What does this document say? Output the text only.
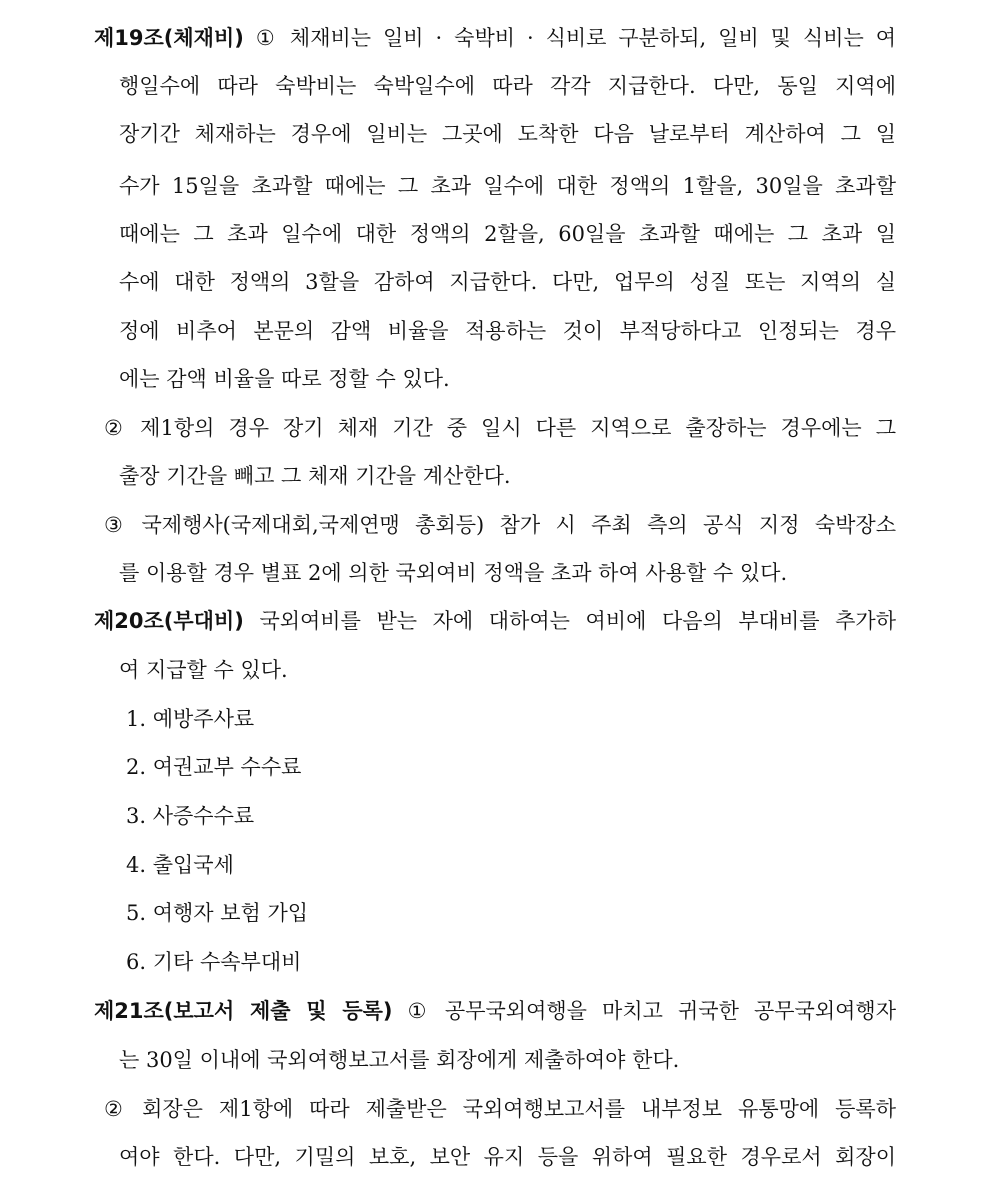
제19조(체재비) ① 체재비는 일비 · 숙박비 · 식비로 구분하되, 일비 및 식비는 여
행일수에 따라 숙박비는 숙박일수에 따라 각각 지급한다. 다만, 동일 지역에
장기간 체재하는 경우에 일비는 그곳에 도착한 다음 날로부터 계산하여 그 일
수가 15일을 초과할 때에는 그 초과 일수에 대한 정액의 1할을, 30일을 초과할
때에는 그 초과 일수에 대한 정액의 2할을, 60일을 초과할 때에는 그 초과 일
수에 대한 정액의 3할을 감하여 지급한다. 다만, 업무의 성질 또는 지역의 실
정에 비추어 본문의 감액 비율을 적용하는 것이 부적당하다고 인정되는 경우
에는 감액 비율을 따로 정할 수 있다.
② 제1항의 경우 장기 체재 기간 중 일시 다른 지역으로 출장하는 경우에는 그
출장 기간을 빼고 그 체재 기간을 계산한다.
③ 국제행사(국제대회,국제연맹 총회등) 참가 시 주최 측의 공식 지정 숙박장소
를 이용할 경우 별표 2에 의한 국외여비 정액을 초과 하여 사용할 수 있다.
제20조(부대비) 국외여비를 받는 자에 대하여는 여비에 다음의 부대비를 추가하
여 지급할 수 있다.
1. 예방주사료
2. 여권교부 수수료
3. 사증수수료
4. 출입국세
5. 여행자 보험 가입
6. 기타 수속부대비
제21조(보고서 제출 및 등록) ① 공무국외여행을 마치고 귀국한 공무국외여행자
는 30일 이내에 국외여행보고서를 회장에게 제출하여야 한다.
② 회장은 제1항에 따라 제출받은 국외여행보고서를 내부정보 유통망에 등록하
여야 한다. 다만, 기밀의 보호, 보안 유지 등을 위하여 필요한 경우로서 회장이
